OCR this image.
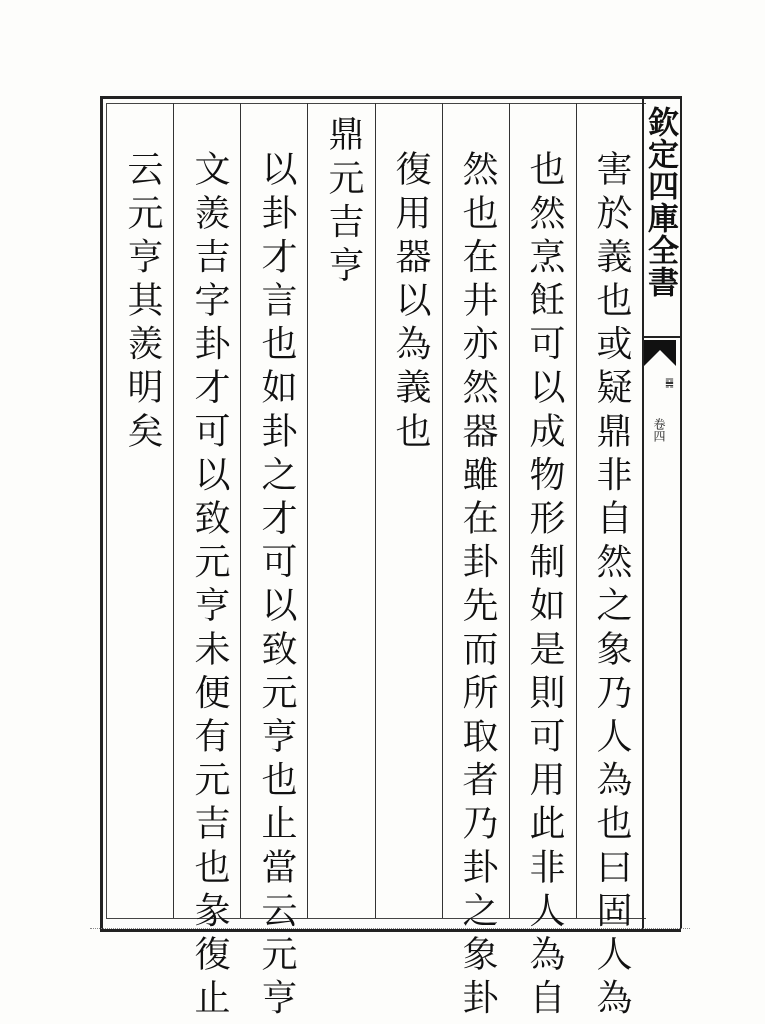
欽定四庫全書
䷱
卷四
害於義也或疑鼎非自然之象乃人為也曰固人為
也然烹飪可以成物形制如是則可用此非人為自
然也在井亦然器雖在卦先而所取者乃卦之象卦
復用器以為義也
鼎元吉亨
以卦才言也如卦之才可以致元亨也止當云元亨
文羨吉字卦才可以致元亨未便有元吉也彖復止
云元亨其羨明矣
